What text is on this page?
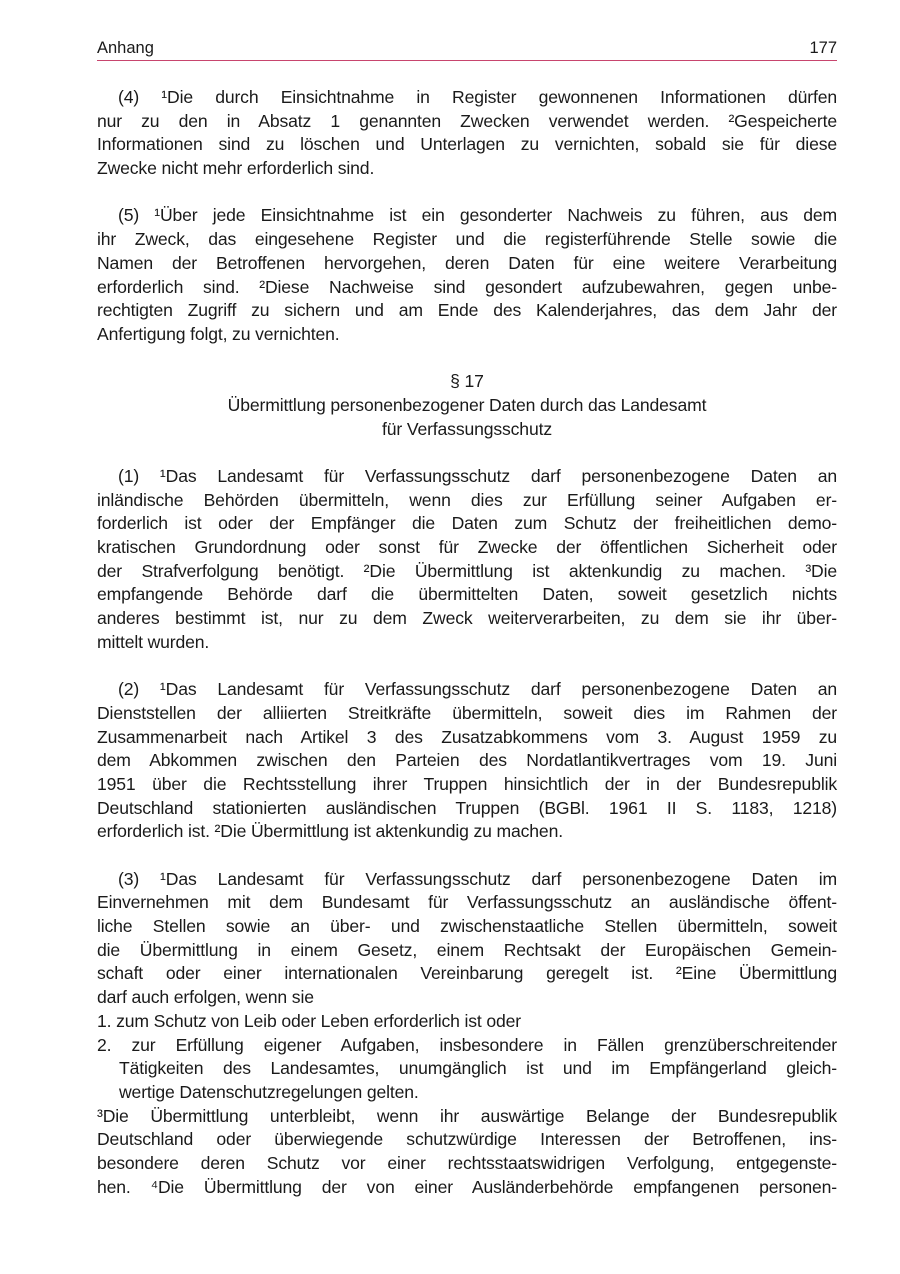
Anhang	177
(4) ¹Die durch Einsichtnahme in Register gewonnenen Informationen dürfen
nur zu den in Absatz 1 genannten Zwecken verwendet werden. ²Gespeicherte
Informationen sind zu löschen und Unterlagen zu vernichten, sobald sie für diese
Zwecke nicht mehr erforderlich sind.
(5) ¹Über jede Einsichtnahme ist ein gesonderter Nachweis zu führen, aus dem
ihr Zweck, das eingesehene Register und die registerführende Stelle sowie die
Namen der Betroffenen hervorgehen, deren Daten für eine weitere Verarbeitung
erforderlich sind. ²Diese Nachweise sind gesondert aufzubewahren, gegen unbe-
rechtigten Zugriff zu sichern und am Ende des Kalenderjahres, das dem Jahr der
Anfertigung folgt, zu vernichten.
§ 17
Übermittlung personenbezogener Daten durch das Landesamt
für Verfassungsschutz
(1) ¹Das Landesamt für Verfassungsschutz darf personenbezogene Daten an
inländische Behörden übermitteln, wenn dies zur Erfüllung seiner Aufgaben er-
forderlich ist oder der Empfänger die Daten zum Schutz der freiheitlichen demo-
kratischen Grundordnung oder sonst für Zwecke der öffentlichen Sicherheit oder
der Strafverfolgung benötigt. ²Die Übermittlung ist aktenkundig zu machen. ³Die
empfangende Behörde darf die übermittelten Daten, soweit gesetzlich nichts
anderes bestimmt ist, nur zu dem Zweck weiterverarbeiten, zu dem sie ihr über-
mittelt wurden.
(2) ¹Das Landesamt für Verfassungsschutz darf personenbezogene Daten an
Dienststellen der alliierten Streitkräfte übermitteln, soweit dies im Rahmen der
Zusammenarbeit nach Artikel 3 des Zusatzabkommens vom 3. August 1959 zu
dem Abkommen zwischen den Parteien des Nordatlantikvertrages vom 19. Juni
1951 über die Rechtsstellung ihrer Truppen hinsichtlich der in der Bundesrepublik
Deutschland stationierten ausländischen Truppen (BGBl. 1961 II S. 1183, 1218)
erforderlich ist. ²Die Übermittlung ist aktenkundig zu machen.
(3) ¹Das Landesamt für Verfassungsschutz darf personenbezogene Daten im
Einvernehmen mit dem Bundesamt für Verfassungsschutz an ausländische öffent-
liche Stellen sowie an über- und zwischenstaatliche Stellen übermitteln, soweit
die Übermittlung in einem Gesetz, einem Rechtsakt der Europäischen Gemein-
schaft oder einer internationalen Vereinbarung geregelt ist. ²Eine Übermittlung
darf auch erfolgen, wenn sie
1. zum Schutz von Leib oder Leben erforderlich ist oder
2. zur Erfüllung eigener Aufgaben, insbesondere in Fällen grenzüberschreitender
Tätigkeiten des Landesamtes, unumgänglich ist und im Empfängerland gleich-
wertige Datenschutzregelungen gelten.
³Die Übermittlung unterbleibt, wenn ihr auswärtige Belange der Bundesrepublik
Deutschland oder überwiegende schutzwürdige Interessen der Betroffenen, ins-
besondere deren Schutz vor einer rechtsstaatswidrigen Verfolgung, entgegenste-
hen. ⁴Die Übermittlung der von einer Ausländerbehörde empfangenen personen-
